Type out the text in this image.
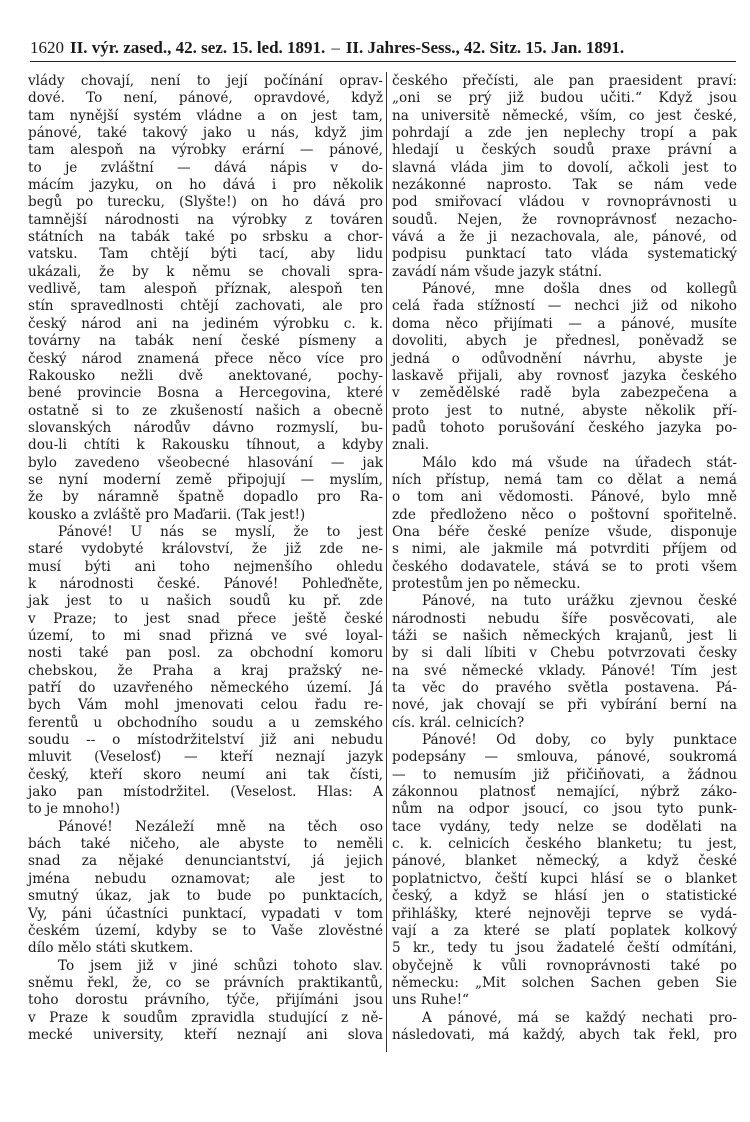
1620 II. výr. zased., 42. sez. 15. led. 1891. – II. Jahres-Sess., 42. Sitz. 15. Jan. 1891.
vlády chovají, není to její počínání oprav-
dové. To není, pánové, opravdové, když
tam nynější systém vládne a on jest tam,
pánové, také takový jako u nás, když jim
tam alespoň na výrobky erární — pánové,
to je zvláštní — dává nápis v do-
mácím jazyku, on ho dává i pro několik
begů po turecku, (Slyšte!) on ho dává pro
tamnější národnosti na výrobky z továren
státních na tabák také po srbsku a chor-
vatsku. Tam chtějí býti tací, aby lidu
ukázali, že by k němu se chovali spra-
vedlivě, tam alespoň příznak, alespoň ten
stín spravedlnosti chtějí zachovati, ale pro
český národ ani na jediném výrobku c. k.
továrny na tabák není české písmeny a
český národ znamená přece něco více pro
Rakousko nežli dvě anektované, pochy-
bené provincie Bosna a Hercegovina, které
ostatně si to ze zkušeností našich a obecně
slovanských národův dávno rozmyslí, bu-
dou-li chtíti k Rakousku tíhnout, a kdyby
bylo zavedeno všeobecné hlasování — jak
se nyní moderní země připojují — myslím,
že by náramně špatně dopadlo pro Ra-
kousko a zvláště pro Maďarii. (Tak jest!)
Pánové! U nás se myslí, že to jest
staré vydobyté království, že již zde ne-
musí býti ani toho nejmenšího ohledu
k národnosti české. Pánové! Pohleďněte,
jak jest to u našich soudů ku př. zde
v Praze; to jest snad přece ještě české
území, to mi snad přizná ve své loyal-
nosti také pan posl. za obchodní komoru
chebskou, že Praha a kraj pražský ne-
patří do uzavřeného německého území. Já
bych Vám mohl jmenovati celou řadu re-
ferentů u obchodního soudu a u zemského
soudu -- o místodržitelství již ani nebudu
mluvit (Veselosť) — kteří neznají jazyk
český, kteří skoro neumí ani tak čísti,
jako pan místodržitel. (Veselost. Hlas: A
to je mnoho!)
Pánové! Nezáleží mně na těch oso
bách také ničeho, ale abyste to neměli
snad za nějaké denunciantství, já jejich
jména nebudu oznamovat; ale jest to
smutný úkaz, jak to bude po punktacích,
Vy, páni účastníci punktací, vypadati v tom
českém území, kdyby se to Vaše zlověstné
dílo mělo státi skutkem.
To jsem již v jiné schůzi tohoto slav.
sněmu řekl, že, co se právních praktikantů,
toho dorostu právního, týče, přijímáni jsou
v Praze k soudům zpravidla studující z ně-
mecké university, kteří neznají ani slova
českého přečísti, ale pan praesident praví:
„oni se prý již budou učiti.“ Když jsou
na universitě německé, vším, co jest české,
pohrdají a zde jen neplechy tropí a pak
hledají u českých soudů praxe právní a
slavná vláda jim to dovolí, ačkoli jest to
nezákonné naprosto. Tak se nám vede
pod smiřovací vládou v rovnoprávnosti u
soudů. Nejen, že rovnoprávnosť nezacho-
vává a že ji nezachovala, ale, pánové, od
podpisu punktací tato vláda systematický
zavádí nám všude jazyk státní.
Pánové, mne došla dnes od kollegů
celá řada stížností — nechci již od nikoho
doma něco přijímati — a pánové, musíte
dovoliti, abych je přednesl, poněvadž se
jedná o odůvodnění návrhu, abyste je
laskavě přijali, aby rovnosť jazyka českého
v zemědělské radě byla zabezpečena a
proto jest to nutné, abyste několik pří-
padů tohoto porušování českého jazyka po-
znali.
Málo kdo má všude na úřadech stát-
ních přístup, nemá tam co dělat a nemá
o tom ani vědomosti. Pánové, bylo mně
zde předloženo něco o poštovní spořitelně.
Ona béře české peníze všude, disponuje
s nimi, ale jakmile má potvrditi příjem od
českého dodavatele, stává se to proti všem
protestům jen po německu.
Pánové, na tuto urážku zjevnou české
národnosti nebudu šíře posvěcovati, ale
táži se našich německých krajanů, jest li
by si dali líbiti v Chebu potvrzovati česky
na své německé vklady. Pánové! Tím jest
ta věc do pravého světla postavena. Pá-
nové, jak chovají se při vybírání berní na
cís. král. celnicích?
Pánové! Od doby, co byly punktace
podepsány — smlouva, pánové, soukromá
— to nemusím již přičiňovati, a žádnou
zákonnou platnosť nemající, nýbrž záko-
nům na odpor jsoucí, co jsou tyto punk-
tace vydány, tedy nelze se dodělati na
c. k. celnicích českého blanketu; tu jest,
pánové, blanket německý, a když české
poplatnictvo, čeští kupci hlásí se o blanket
český, a když se hlásí jen o statistické
přihlášky, které nejnověji teprve se vydá-
vají a za které se platí poplatek kolkový
5 kr., tedy tu jsou žadatelé čeští odmítáni,
obyčejně k vůli rovnoprávnosti také po
německu: „Mit solchen Sachen geben Sie
uns Ruhe!“
A pánové, má se každý nechati pro-
následovati, má každý, abych tak řekl, pro
